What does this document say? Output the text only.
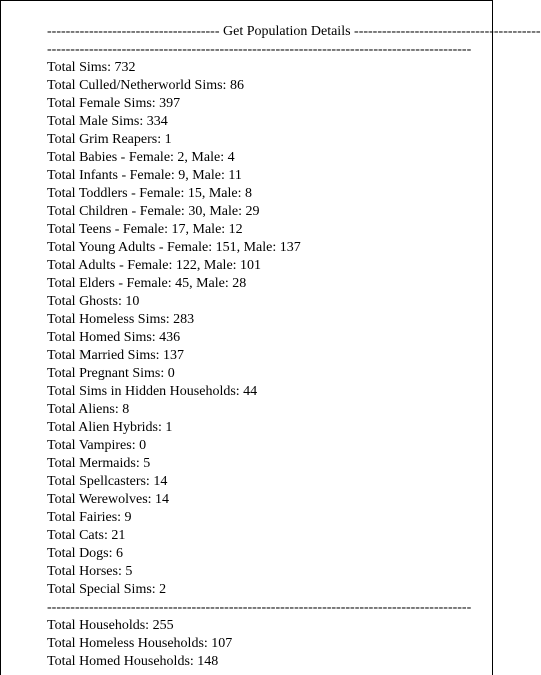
------------------------------------- Get Population Details ----------------------------------------
-------------------------------------------------------------------------------------------
Total Sims: 732
Total Culled/Netherworld Sims: 86
Total Female Sims: 397
Total Male Sims: 334
Total Grim Reapers: 1
Total Babies - Female: 2, Male: 4
Total Infants - Female: 9, Male: 11
Total Toddlers - Female: 15, Male: 8
Total Children - Female: 30, Male: 29
Total Teens - Female: 17, Male: 12
Total Young Adults - Female: 151, Male: 137
Total Adults - Female: 122, Male: 101
Total Elders - Female: 45, Male: 28
Total Ghosts: 10
Total Homeless Sims: 283
Total Homed Sims: 436
Total Married Sims: 137
Total Pregnant Sims: 0
Total Sims in Hidden Households: 44
Total Aliens: 8
Total Alien Hybrids: 1
Total Vampires: 0
Total Mermaids: 5
Total Spellcasters: 14
Total Werewolves: 14
Total Fairies: 9
Total Cats: 21
Total Dogs: 6
Total Horses: 5
Total Special Sims: 2
-------------------------------------------------------------------------------------------
Total Households: 255
Total Homeless Households: 107
Total Homed Households: 148
